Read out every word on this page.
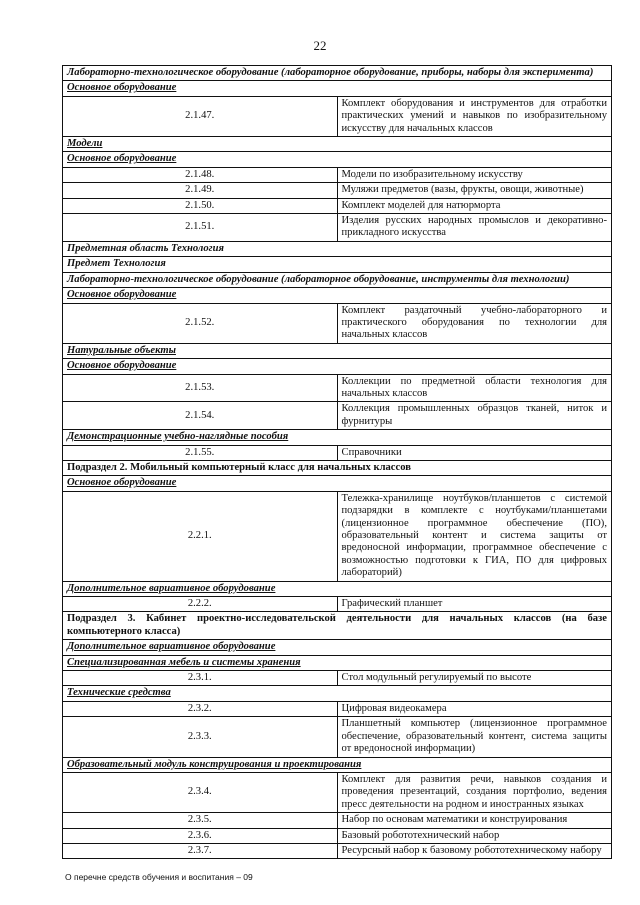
22
Лабораторно-технологическое оборудование (лабораторное оборудование, приборы, наборы для эксперимента)	
Основное оборудование	
2.1.47.	Комплект оборудования и инструментов для отработки практических умений и навыков по изобразительному искусству для начальных классов
Модели	
Основное оборудование	
2.1.48.	Модели по изобразительному искусству
2.1.49.	Муляжи предметов (вазы, фрукты, овощи, животные)
2.1.50.	Комплект моделей для натюрморта
2.1.51.	Изделия русских народных промыслов и декоративно-прикладного искусства
Предметная область Технология	
Предмет Технология	
Лабораторно-технологическое оборудование (лабораторное оборудование, инструменты для технологии)	
Основное оборудование	
2.1.52.	Комплект раздаточный учебно-лабораторного и практического оборудования по технологии для начальных классов
Натуральные объекты	
Основное оборудование	
2.1.53.	Коллекции по предметной области технология для начальных классов
2.1.54.	Коллекция промышленных образцов тканей, ниток и фурнитуры
Демонстрационные учебно-наглядные пособия	
2.1.55.	Справочники
Подраздел 2. Мобильный компьютерный класс для начальных классов	
Основное оборудование	
2.2.1.	Тележка-хранилище ноутбуков/планшетов с системой подзарядки в комплекте с ноутбуками/планшетами (лицензионное программное обеспечение (ПО), образовательный контент и система защиты от вредоносной информации, программное обеспечение с возможностью подготовки к ГИА, ПО для цифровых лабораторий)
Дополнительное вариативное оборудование	
2.2.2.	Графический планшет
Подраздел 3. Кабинет проектно-исследовательской деятельности для начальных классов (на базе компьютерного класса)	
Дополнительное вариативное оборудование	
Специализированная мебель и системы хранения	
2.3.1.	Стол модульный регулируемый по высоте
Технические средства	
2.3.2.	Цифровая видеокамера
2.3.3.	Планшетный компьютер (лицензионное программное обеспечение, образовательный контент, система защиты от вредоносной информации)
Образовательный модуль конструирования и проектирования	
2.3.4.	Комплект для развития речи, навыков создания и проведения презентаций, создания портфолио, ведения пресс деятельности на родном и иностранных языках
2.3.5.	Набор по основам математики и конструирования
2.3.6.	Базовый робототехнический набор
2.3.7.	Ресурсный набор к базовому робототехническому набору
О перечне средств обучения и воспитания – 09
